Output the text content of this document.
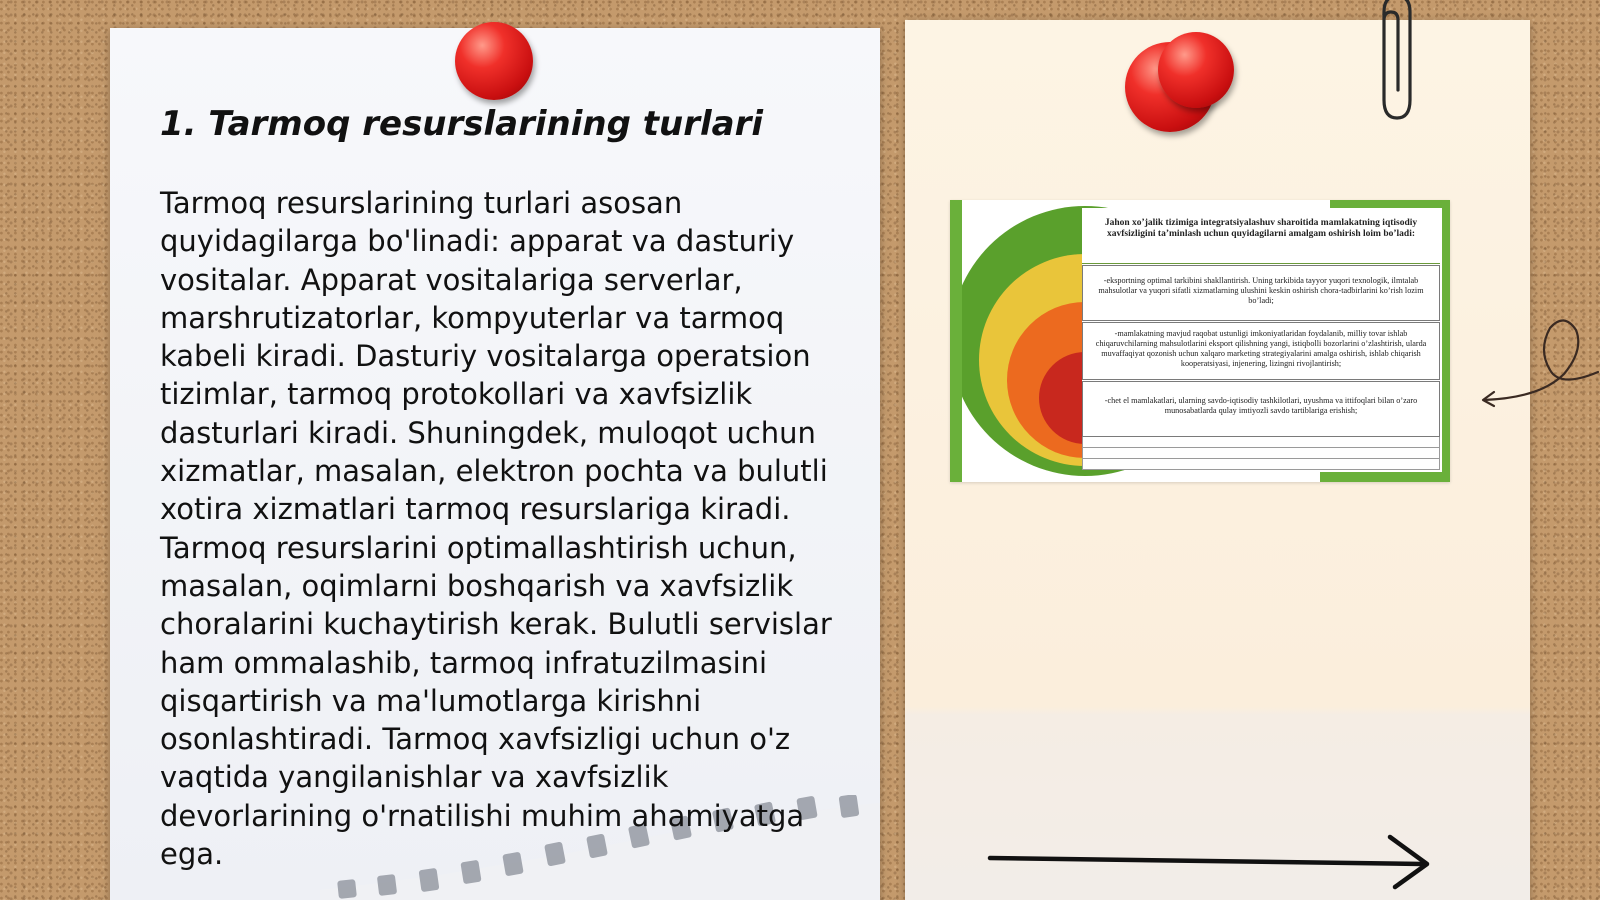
1. Tarmoq resurslarining turlari

Tarmoq resurslarining turlari asosan quyidagilarga bo'linadi: apparat va dasturiy vositalar. Apparat vositalariga serverlar, marshrutizatorlar, kompyuterlar va tarmoq kabeli kiradi. Dasturiy vositalarga operatsion tizimlar, tarmoq protokollari va xavfsizlik dasturlari kiradi. Shuningdek, muloqot uchun xizmatlar, masalan, elektron pochta va bulutli xotira xizmatlari tarmoq resurslariga kiradi. Tarmoq resurslarini optimallashtirish uchun, masalan, oqimlarni boshqarish va xavfsizlik choralarini kuchaytirish kerak. Bulutli servislar ham ommalashib, tarmoq infratuzilmasini qisqartirish va ma'lumotlarga kirishni osonlashtiradi. Tarmoq xavfsizligi uchun o'z vaqtida yangilanishlar va xavfsizlik devorlarining o'rnatilishi muhim ahamiyatga ega.

Jahon xo’jalik tizimiga integratsiyalashuv sharoitida mamlakatning iqtisodiy xavfsizligini ta’minlash uchun quyidagilarni amalgam oshirish loim bo’ladi:
-eksportning optimal tarkibini shakllantirish. Uning tarkibida tayyor yuqori texnologik, ilmtalab mahsulotlar va yuqori sifatli xizmatlarning ulushini keskin oshirish chora-tadbirlarini ko’rish lozim bo’ladi;
-mamlakatning mavjud raqobat ustunligi imkoniyatlaridan foydalanib, milliy tovar ishlab chiqaruvchilarning mahsulotlarini eksport qilishning yangi, istiqbolli bozorlarini o’zlashtirish, ularda muvaffaqiyat qozonish uchun xalqaro marketing strategiyalarini amalga oshirish, ishlab chiqarish kooperatsiyasi, injenering, lizingni rivojlantirish;
-chet el mamlakatlari, ularning savdo-iqtisodiy tashkilotlari, uyushma va ittifoqlari bilan o’zaro munosabatlarda qulay imtiyozli savdo tartiblariga erishish;
